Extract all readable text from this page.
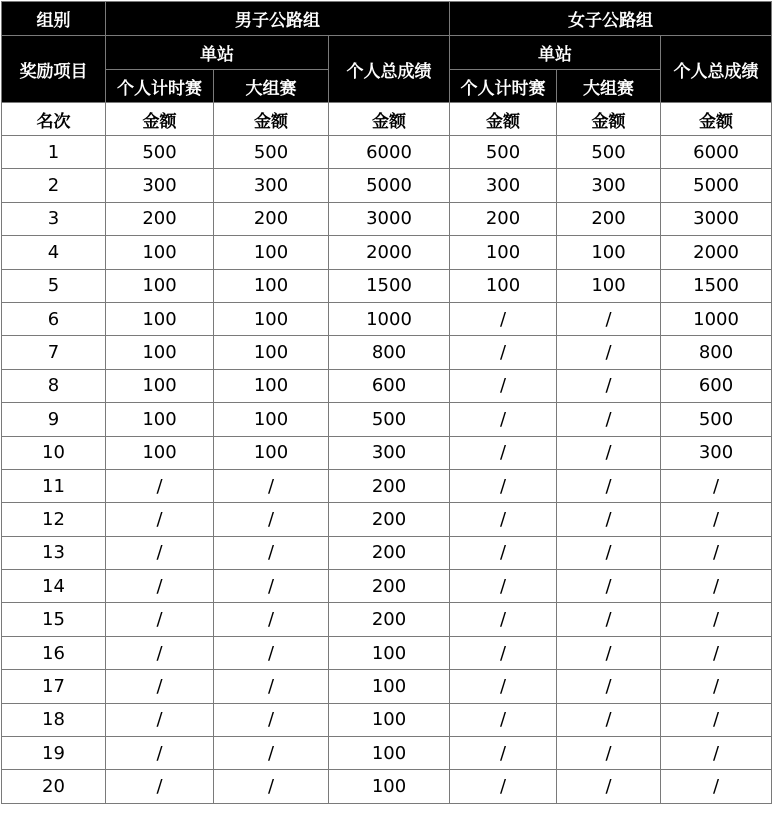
组别	男子公路组			女子公路组		
奖励项目	单站		个人总成绩	单站		个人总成绩
	个人计时赛	大组赛		个人计时赛	大组赛	
名次	金额	金额	金额	金额	金额	金额
1	500	500	6000	500	500	6000
2	300	300	5000	300	300	5000
3	200	200	3000	200	200	3000
4	100	100	2000	100	100	2000
5	100	100	1500	100	100	1500
6	100	100	1000	/	/	1000
7	100	100	800	/	/	800
8	100	100	600	/	/	600
9	100	100	500	/	/	500
10	100	100	300	/	/	300
11	/	/	200	/	/	/
12	/	/	200	/	/	/
13	/	/	200	/	/	/
14	/	/	200	/	/	/
15	/	/	200	/	/	/
16	/	/	100	/	/	/
17	/	/	100	/	/	/
18	/	/	100	/	/	/
19	/	/	100	/	/	/
20	/	/	100	/	/	/
